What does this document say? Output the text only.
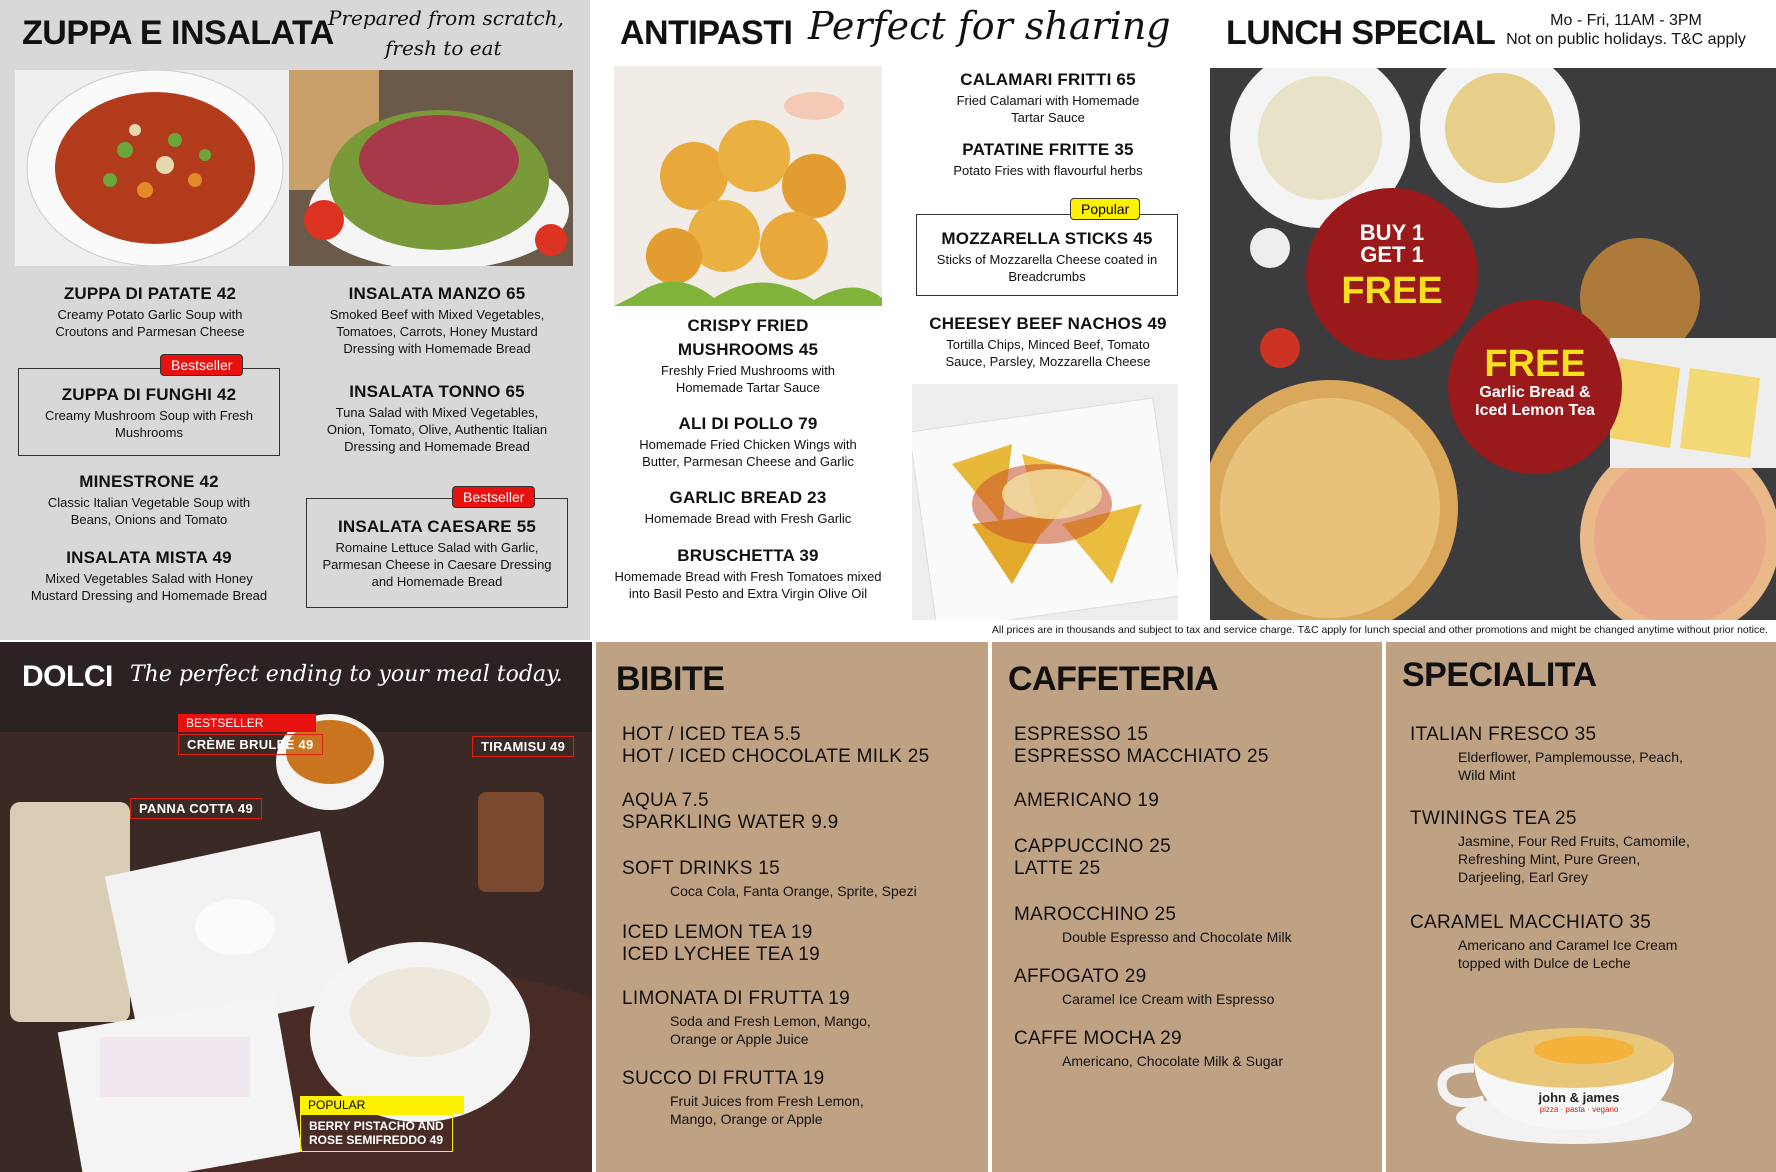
ZUPPA E INSALATA
Prepared from scratch,
fresh to eat
ZUPPA DI PATATE 42
Creamy Potato Garlic Soup with Croutons and Parmesan Cheese
ZUPPA DI FUNGHI 42
Creamy Mushroom Soup with Fresh Mushrooms
Bestseller
MINESTRONE 42
Classic Italian Vegetable Soup with Beans, Onions and Tomato
INSALATA MISTA 49
Mixed Vegetables Salad with Honey Mustard Dressing and Homemade Bread
INSALATA MANZO 65
Smoked Beef with Mixed Vegetables, Tomatoes, Carrots, Honey Mustard Dressing with Homemade Bread
INSALATA TONNO 65
Tuna Salad with Mixed Vegetables, Onion, Tomato, Olive, Authentic Italian Dressing and Homemade Bread
INSALATA CAESARE 55
Romaine Lettuce Salad with Garlic, Parmesan Cheese in Caesare Dressing and Homemade Bread
Bestseller
ANTIPASTI Perfect for sharing
CRISPY FRIED
MUSHROOMS 45
Freshly Fried Mushrooms with Homemade Tartar Sauce
ALI DI POLLO 79
Homemade Fried Chicken Wings with Butter, Parmesan Cheese and Garlic
GARLIC BREAD 23
Homemade Bread with Fresh Garlic
BRUSCHETTA 39
Homemade Bread with Fresh Tomatoes mixed into Basil Pesto and Extra Virgin Olive Oil
CALAMARI FRITTI 65
Fried Calamari with Homemade Tartar Sauce
PATATINE FRITTE 35
Potato Fries with flavourful herbs
MOZZARELLA STICKS 45
Sticks of Mozzarella Cheese coated in Breadcrumbs
Popular
CHEESEY BEEF NACHOS 49
Tortilla Chips, Minced Beef, Tomato Sauce, Parsley, Mozzarella Cheese
LUNCH SPECIAL	Mo - Fri, 11AM - 3PM
Not on public holidays. T&C apply
BUY 1
GET 1
FREE
FREE
Garlic Bread &
Iced Lemon Tea
All prices are in thousands and subject to tax and service charge. T&C apply for lunch special and other promotions and might be changed anytime without prior notice.
DOLCI The perfect ending to your meal today.
BESTSELLER
CRÈME BRULEE 49	TIRAMISU 49
PANNA COTTA 49
POPULAR
BERRY PISTACHO AND
ROSE SEMIFREDDO 49
BIBITE
HOT / ICED TEA 5.5
HOT / ICED CHOCOLATE MILK 25
AQUA 7.5
SPARKLING WATER 9.9
SOFT DRINKS 15
Coca Cola, Fanta Orange, Sprite, Spezi
ICED LEMON TEA 19
ICED LYCHEE TEA 19
LIMONATA DI FRUTTA 19
Soda and Fresh Lemon, Mango, Orange or Apple Juice
SUCCO DI FRUTTA 19
Fruit Juices from Fresh Lemon, Mango, Orange or Apple
CAFFETERIA
ESPRESSO 15
ESPRESSO MACCHIATO 25
AMERICANO 19
CAPPUCCINO 25
LATTE 25
MAROCCHINO 25
Double Espresso and Chocolate Milk
AFFOGATO 29
Caramel Ice Cream with Espresso
CAFFE MOCHA 29
Americano, Chocolate Milk & Sugar
SPECIALITA
ITALIAN FRESCO 35
Elderflower, Pamplemousse, Peach, Wild Mint
TWININGS TEA 25
Jasmine, Four Red Fruits, Camomile, Refreshing Mint, Pure Green, Darjeeling, Earl Grey
CARAMEL MACCHIATO 35
Americano and Caramel Ice Cream topped with Dulce de Leche
john & james
pizza · pasta · vegano
